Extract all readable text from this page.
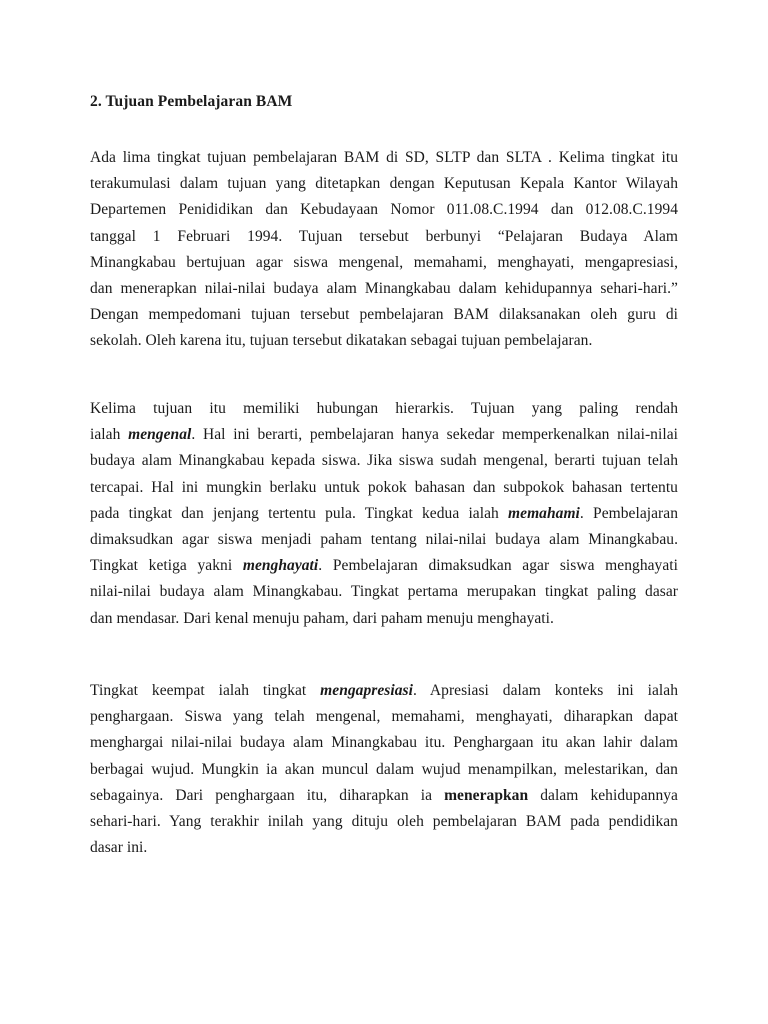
2. Tujuan Pembelajaran BAM
Ada lima tingkat tujuan pembelajaran BAM di SD, SLTP dan SLTA . Kelima tingkat itu
terakumulasi dalam tujuan yang ditetapkan dengan Keputusan Kepala Kantor Wilayah
Departemen Penididikan dan Kebudayaan Nomor 011.08.C.1994 dan 012.08.C.1994
tanggal 1 Februari 1994. Tujuan tersebut berbunyi “Pelajaran Budaya Alam
Minangkabau bertujuan agar siswa mengenal, memahami, menghayati, mengapresiasi,
dan menerapkan nilai-nilai budaya alam Minangkabau dalam kehidupannya sehari-hari.”
Dengan mempedomani tujuan tersebut pembelajaran BAM dilaksanakan oleh guru di
sekolah. Oleh karena itu, tujuan tersebut dikatakan sebagai tujuan pembelajaran.
Kelima tujuan itu memiliki hubungan hierarkis. Tujuan yang paling rendah
ialah mengenal. Hal ini berarti, pembelajaran hanya sekedar memperkenalkan nilai-nilai
budaya alam Minangkabau kepada siswa. Jika siswa sudah mengenal, berarti tujuan telah
tercapai. Hal ini mungkin berlaku untuk pokok bahasan dan subpokok bahasan tertentu
pada tingkat dan jenjang tertentu pula. Tingkat kedua ialah memahami. Pembelajaran
dimaksudkan agar siswa menjadi paham tentang nilai-nilai budaya alam Minangkabau.
Tingkat ketiga yakni menghayati. Pembelajaran dimaksudkan agar siswa menghayati
nilai-nilai budaya alam Minangkabau. Tingkat pertama merupakan tingkat paling dasar
dan mendasar. Dari kenal menuju paham, dari paham menuju menghayati.
Tingkat keempat ialah tingkat mengapresiasi. Apresiasi dalam konteks ini ialah
penghargaan. Siswa yang telah mengenal, memahami, menghayati, diharapkan dapat
menghargai nilai-nilai budaya alam Minangkabau itu. Penghargaan itu akan lahir dalam
berbagai wujud. Mungkin ia akan muncul dalam wujud menampilkan, melestarikan, dan
sebagainya. Dari penghargaan itu, diharapkan ia menerapkan dalam kehidupannya
sehari-hari. Yang terakhir inilah yang dituju oleh pembelajaran BAM pada pendidikan
dasar ini.
